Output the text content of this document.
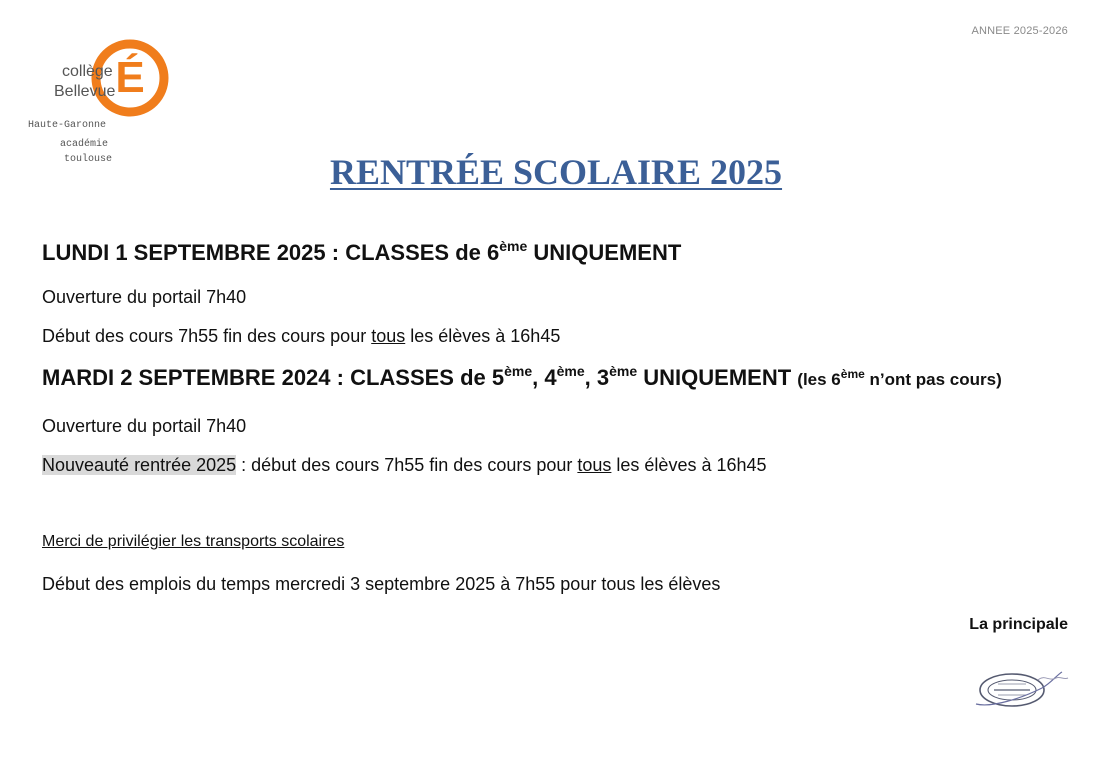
ANNEE 2025-2026
É
collège
Bellevue
Haute-Garonne
académie
toulouse	RENTRÉE SCOLAIRE 2025

LUNDI 1 SEPTEMBRE 2025 : CLASSES de 6ème UNIQUEMENT

Ouverture du portail 7h40

Début des cours 7h55 fin des cours pour tous les élèves à 16h45

MARDI 2 SEPTEMBRE 2024 : CLASSES de 5ème, 4ème, 3ème UNIQUEMENT (les 6ème n’ont pas cours)

Ouverture du portail 7h40

Nouveauté rentrée 2025 : début des cours 7h55 fin des cours pour tous les élèves à 16h45

Merci de privilégier les transports scolaires

Début des emplois du temps mercredi 3 septembre 2025 à 7h55 pour tous les élèves

La principale
